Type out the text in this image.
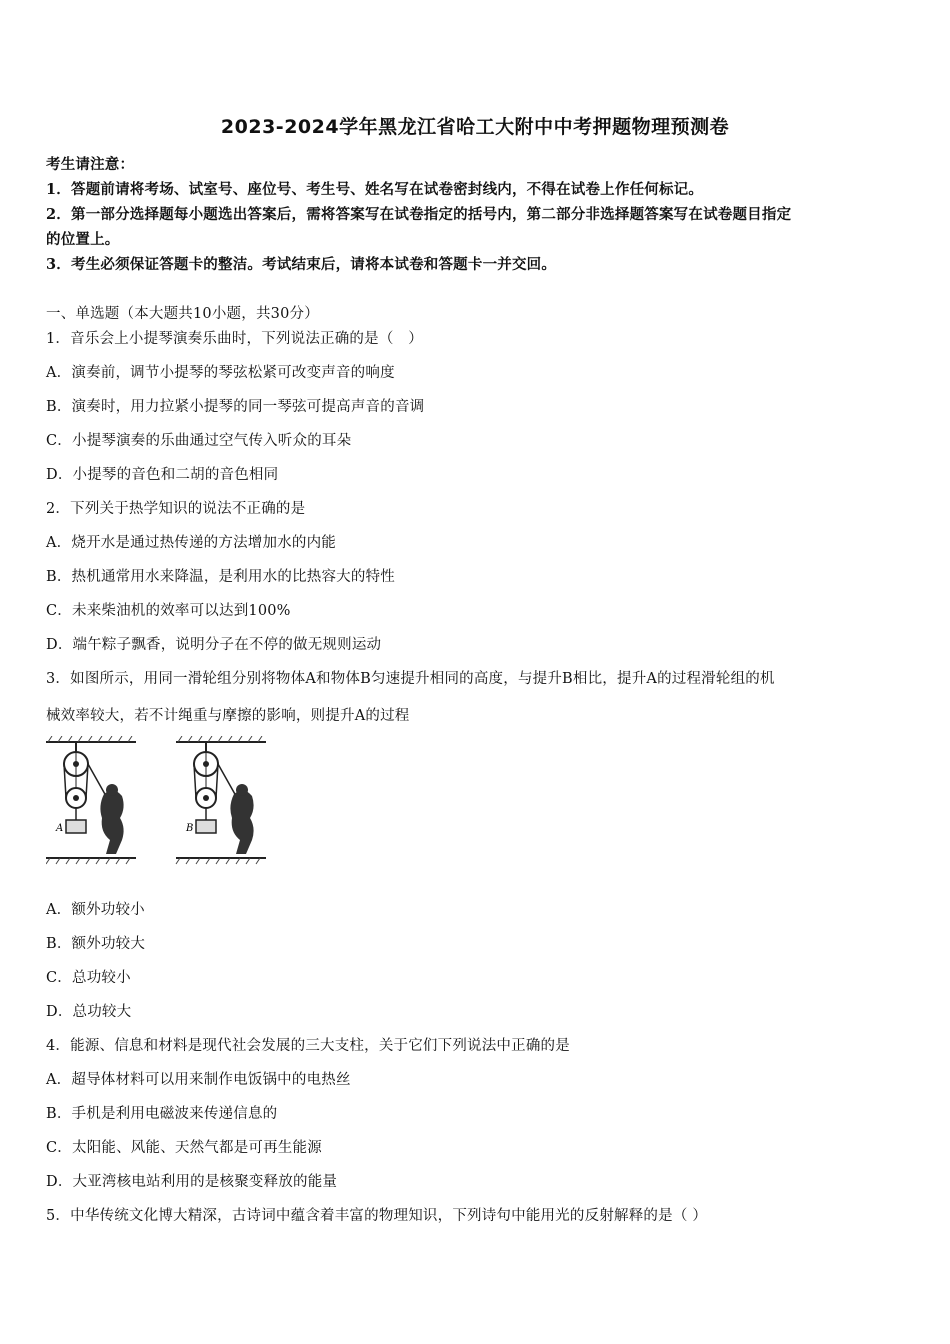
2023-2024学年黑龙江省哈工大附中中考押题物理预测卷
考生请注意：
1．答题前请将考场、试室号、座位号、考生号、姓名写在试卷密封线内，不得在试卷上作任何标记。
2．第一部分选择题每小题选出答案后，需将答案写在试卷指定的括号内，第二部分非选择题答案写在试卷题目指定
的位置上。
3．考生必须保证答题卡的整洁。考试结束后，请将本试卷和答题卡一并交回。
一、单选题（本大题共10小题，共30分）
1．音乐会上小提琴演奏乐曲时，下列说法正确的是（　）
A．演奏前，调节小提琴的琴弦松紧可改变声音的响度
B．演奏时，用力拉紧小提琴的同一琴弦可提高声音的音调
C．小提琴演奏的乐曲通过空气传入听众的耳朵
D．小提琴的音色和二胡的音色相同
2．下列关于热学知识的说法不正确的是
A．烧开水是通过热传递的方法增加水的内能
B．热机通常用水来降温，是利用水的比热容大的特性
C．未来柴油机的效率可以达到100%
D．端午粽子飘香，说明分子在不停的做无规则运动
3．如图所示，用同一滑轮组分别将物体A和物体B匀速提升相同的高度，与提升B相比，提升A的过程滑轮组的机
械效率较大，若不计绳重与摩擦的影响，则提升A的过程
A	B
A．额外功较小
B．额外功较大
C．总功较小
D．总功较大
4．能源、信息和材料是现代社会发展的三大支柱，关于它们下列说法中正确的是
A．超导体材料可以用来制作电饭锅中的电热丝
B．手机是利用电磁波来传递信息的
C．太阳能、风能、天然气都是可再生能源
D．大亚湾核电站利用的是核聚变释放的能量
5．中华传统文化博大精深，古诗词中蕴含着丰富的物理知识，下列诗句中能用光的反射解释的是（ ）
